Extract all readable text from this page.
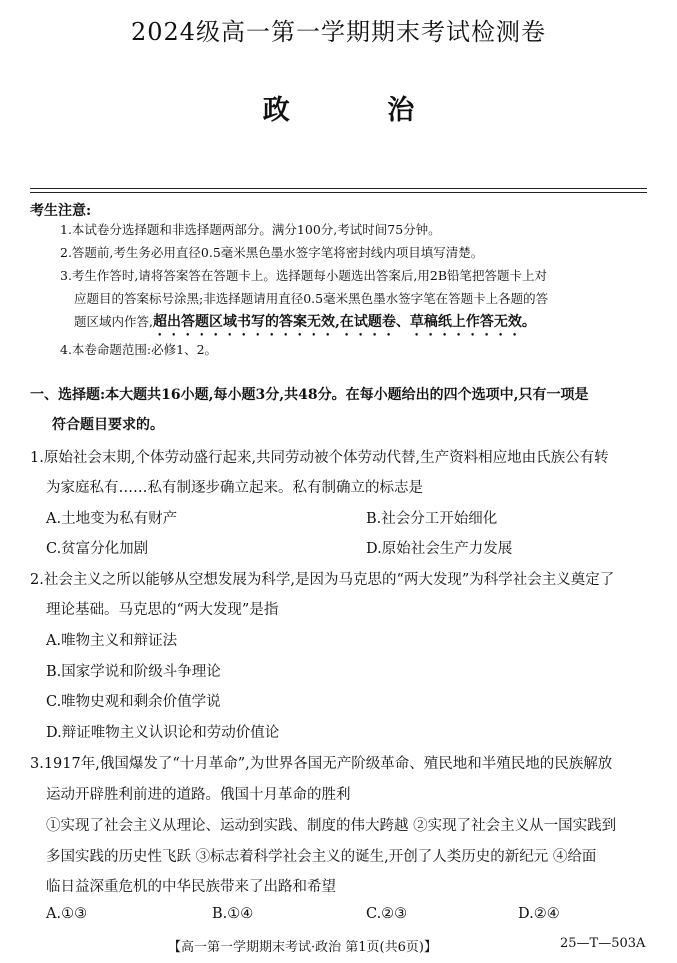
2024级高一第一学期期末考试检测卷
政 治
考生注意:
1.本试卷分选择题和非选择题两部分。满分100分,考试时间75分钟。
2.答题前,考生务必用直径0.5毫米黑色墨水签字笔将密封线内项目填写清楚。
3.考生作答时,请将答案答在答题卡上。选择题每小题选出答案后,用2B铅笔把答题卡上对
应题目的答案标号涂黑;非选择题请用直径0.5毫米黑色墨水签字笔在答题卡上各题的答
题区域内作答,超出答题区域书写的答案无效,在试题卷、草稿纸上作答无效。
4.本卷命题范围:必修1、2。
一、选择题:本大题共16小题,每小题3分,共48分。在每小题给出的四个选项中,只有一项是
符合题目要求的。
1.原始社会末期,个体劳动盛行起来,共同劳动被个体劳动代替,生产资料相应地由氏族公有转
为家庭私有……私有制逐步确立起来。私有制确立的标志是
A.土地变为私有财产	B.社会分工开始细化
C.贫富分化加剧	D.原始社会生产力发展
2.社会主义之所以能够从空想发展为科学,是因为马克思的“两大发现”为科学社会主义奠定了
理论基础。马克思的“两大发现”是指
A.唯物主义和辩证法
B.国家学说和阶级斗争理论
C.唯物史观和剩余价值学说
D.辩证唯物主义认识论和劳动价值论
3.1917年,俄国爆发了“十月革命”,为世界各国无产阶级革命、殖民地和半殖民地的民族解放
运动开辟胜利前进的道路。俄国十月革命的胜利
①实现了社会主义从理论、运动到实践、制度的伟大跨越 ②实现了社会主义从一国实践到
多国实践的历史性飞跃 ③标志着科学社会主义的诞生,开创了人类历史的新纪元 ④给面
临日益深重危机的中华民族带来了出路和希望
A.①③	B.①④	C.②③	D.②④
【高一第一学期期末考试·政治 第1页(共6页)】	25—T—503A
